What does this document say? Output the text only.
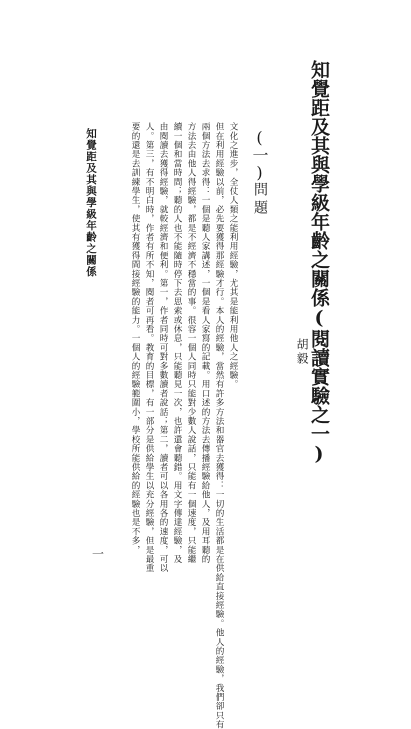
知覺距及其與學級年齡之關係(閱讀實驗之一)
胡毅
(一)
問題
文化之進步，全仗人類之能利用經驗，尤其是能利用他人之經驗。
但在利用經驗以前，必先要獲得那經驗才行。本人的經驗，當然有許多方法和器官去獲得：一切的生活都是在供給直接經驗。他人的經驗，我們卻只有
兩個方法去求得：一個是聽人家講述，一個是看人家寫的記載。用口述的方法去傳播經驗給他人，及用耳聽的
方法去由他人得經驗，都是不經濟不穩當的事。很容一個人同時只能對少數人說話，只能有一個速度，只能繼
續一個和當時間；聽的人也不能隨時停下去思索或休息，只能聽見一次，也許還會聽錯。用文字傳達經驗，及
由閱讀去獲得經驗，就較經濟和便利。第一，作者同時可對多數讀者說話；第二，讀者可以各用各的速度，可以
人。第三，有不明白時，作者有所不知，閱者可再看。教育的目標，有一部分是供給學生以充分經驗，但是最重
要的還是去訓練學生，使其有獲得間接經驗的能力。一個人的經驗範圍小，學校所能供給的經驗也是不多，
知覺距及其與學級年齡之關係
一
